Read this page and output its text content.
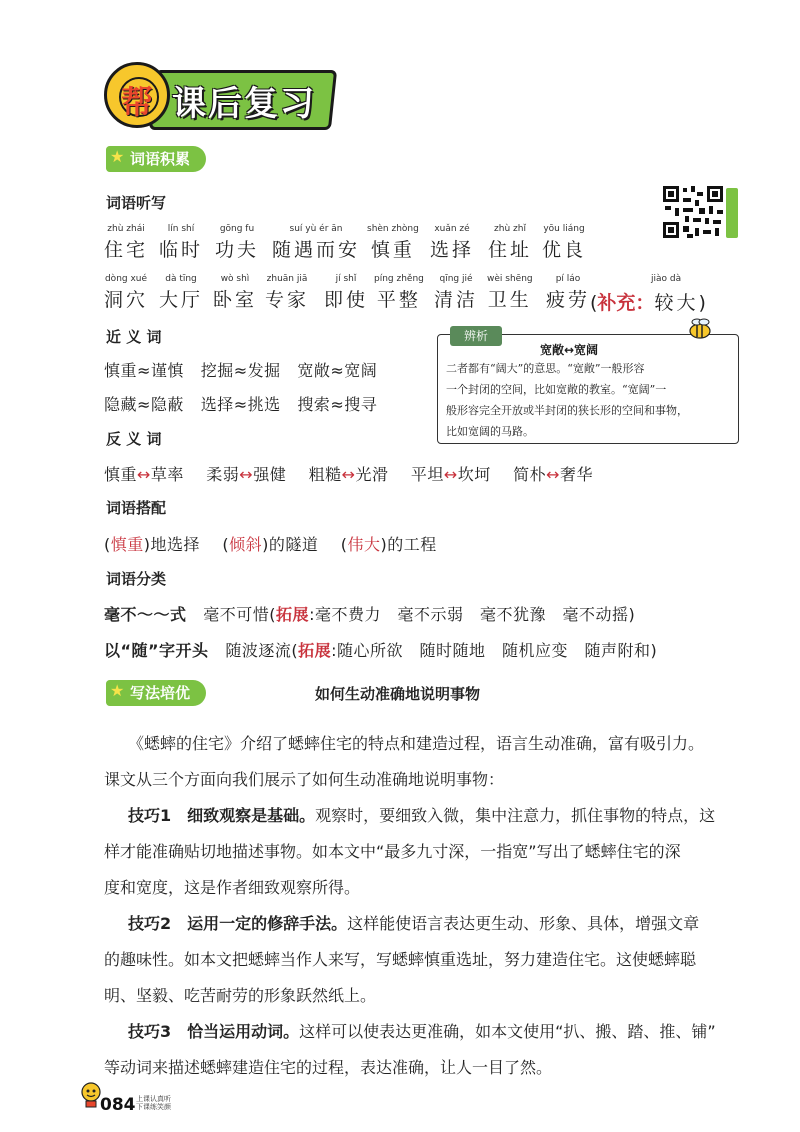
课后复习
帮
★ 词语积累
词语听写
zhù zhái
住宅
lín shí
临时
gōng fu
功夫
suí yù ér ān
随遇而安
shèn zhòng
慎重
xuǎn zé
选择
zhù zhǐ
住址
yōu liáng
优良
dòng xué
洞穴
dà tīng
大厅
wò shì
卧室
zhuān jiā
专家
jí shǐ
即使
píng zhěng
平整
qīng jié
清洁
wèi shēng
卫生
pí láo
疲劳 (补充：较大)
jiào dà
近 义 词
慎重≈谨慎 挖掘≈发掘 宽敞≈宽阔
隐藏≈隐蔽 选择≈挑选 搜索≈搜寻
辨析
宽敞↔宽阔
二者都有“阔大”的意思。“宽敞”一般形容
一个封闭的空间，比如宽敞的教室。“宽阔”一
般形容完全开放或半封闭的狭长形的空间和事物，
比如宽阔的马路。
反 义 词
慎重↔草率 柔弱↔强健 粗糙↔光滑 平坦↔坎坷 简朴↔奢华
词语搭配
(慎重)地选择    (倾斜)的隧道    (伟大)的工程
词语分类
毫不～～式 毫不可惜(拓展:毫不费力　毫不示弱　毫不犹豫　毫不动摇)
以“随”字开头 随波逐流(拓展:随心所欲　随时随地　随机应变　随声附和)
★ 写法培优	如何生动准确地说明事物
《蟋蟀的住宅》介绍了蟋蟀住宅的特点和建造过程，语言生动准确，富有吸引力。
课文从三个方面向我们展示了如何生动准确地说明事物：
技巧1　细致观察是基础。观察时，要细致入微，集中注意力，抓住事物的特点，这
样才能准确贴切地描述事物。如本文中“最多九寸深，一指宽”写出了蟋蟀住宅的深
度和宽度，这是作者细致观察所得。
技巧2　运用一定的修辞手法。这样能使语言表达更生动、形象、具体，增强文章
的趣味性。如本文把蟋蟀当作人来写，写蟋蟀慎重选址，努力建造住宅。这使蟋蟀聪
明、坚毅、吃苦耐劳的形象跃然纸上。
技巧3　恰当运用动词。这样可以使表达更准确，如本文使用“扒、搬、踏、推、铺”
等动词来描述蟋蟀建造住宅的过程，表达准确，让人一目了然。
084 上课认真听
下课练笑颜
